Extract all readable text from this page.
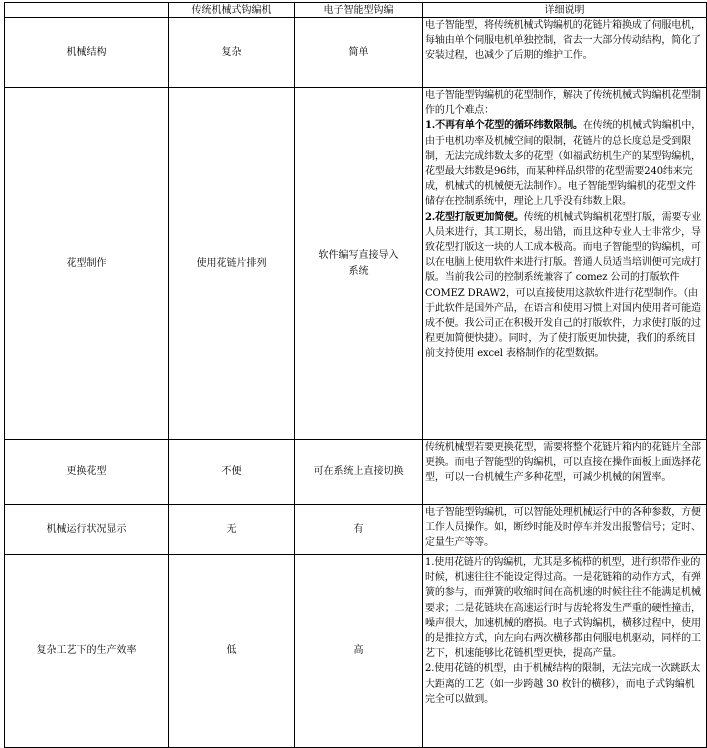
	传统机械式钩编机	电子智能型钩编	详细说明
机械结构	复杂	简单	电子智能型，将传统机械式钩编机的花链片箱换成了伺服电机，每轴由单个伺服电机单独控制，省去一大部分传动结构，简化了安装过程，也减少了后期的维护工作。
花型制作	使用花链片排列	软件编写直接导入系统	电子智能型钩编机的花型制作，解决了传统机械式钩编机花型制作的几个难点：

1.不再有单个花型的循环纬数限制。在传统的机械式钩编机中，由于电机功率及机械空间的限制，花链片的总长度总是受到限制，无法完成纬数太多的花型（如福武纺机生产的某型钩编机，花型最大纬数是96纬，而某种样品织带的花型需要240纬来完成，机械式的机械便无法制作）。电子智能型钩编机的花型文件储存在控制系统中，理论上几乎没有纬数上限。

2.花型打版更加简便。传统的机械式钩编机花型打版，需要专业人员来进行，其工期长，易出错，而且这种专业人士非常少，导致花型打版这一块的人工成本极高。而电子智能型的钩编机，可以在电脑上使用软件来进行打版。普通人员适当培训便可完成打版。当前我公司的控制系统兼容了 comez 公司的打版软件 COMEZ DRAW2，可以直接使用这款软件进行花型制作。（由于此软件是国外产品，在语言和使用习惯上对国内使用者可能造成不便。我公司正在积极开发自己的打版软件，力求使打版的过程更加简便快捷）。同时，为了使打版更加快捷，我们的系统目前支持使用 excel 表格制作的花型数据。

更换花型	不便	可在系统上直接切换	传统机械型若要更换花型，需要将整个花链片箱内的花链片全部更换。而电子智能型的钩编机，可以直接在操作面板上面选择花型，可以一台机械生产多种花型，可减少机械的闲置率。
机械运行状况显示	无	有	电子智能型钩编机，可以智能处理机械运行中的各种参数，方便工作人员操作。如，断纱时能及时停车并发出报警信号；定时、定量生产等等。
复杂工艺下的生产效率	低	高	1.使用花链片的钩编机，尤其是多梳栉的机型，进行织带作业的时候，机速往往不能设定得过高。一是花链箱的动作方式，有弹簧的参与，而弹簧的收缩时间在高机速的时候往往不能满足机械要求；二是花链块在高速运行时与齿轮将发生严重的硬性撞击，噪声很大，加速机械的磨损。电子式钩编机，横移过程中，使用的是推拉方式，向左向右两次横移都由伺服电机驱动，同样的工艺下，机速能够比花链机型更快，提高产量。

2.使用花链的机型，由于机械结构的限制，无法完成一次跳跃太大距离的工艺（如一步跨越 30 枚针的横移），而电子式钩编机完全可以做到。
